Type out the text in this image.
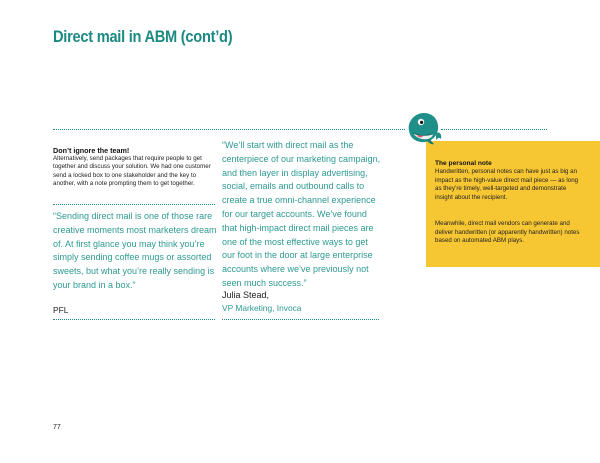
Direct mail in ABM (cont’d)
Don’t ignore the team!
Alternatively, send packages that require people to get together and discuss your solution. We had one customer send a locked box to one stakeholder and the key to another, with a note prompting them to get together.
“Sending direct mail is one of those rare creative moments most marketers dream of. At first glance you may think you’re simply sending coffee mugs or assorted sweets, but what you’re really sending is your brand in a box.”
PFL
“We’ll start with direct mail as the centerpiece of our marketing campaign, and then layer in display advertising, social, emails and outbound calls to create a true omni-channel experience for our target accounts. We’ve found that high-impact direct mail pieces are one of the most effective ways to get our foot in the door at large enterprise accounts where we’ve previously not seen much success.”
Julia Stead,
VP Marketing, Invoca
The personal note
Handwritten, personal notes can have just as big an impact as the high-value direct mail piece — as long as they’re timely, well-targeted and demonstrate insight about the recipient.
Meanwhile, direct mail vendors can generate and deliver handwritten (or apparently handwritten) notes based on automated ABM plays.
77
